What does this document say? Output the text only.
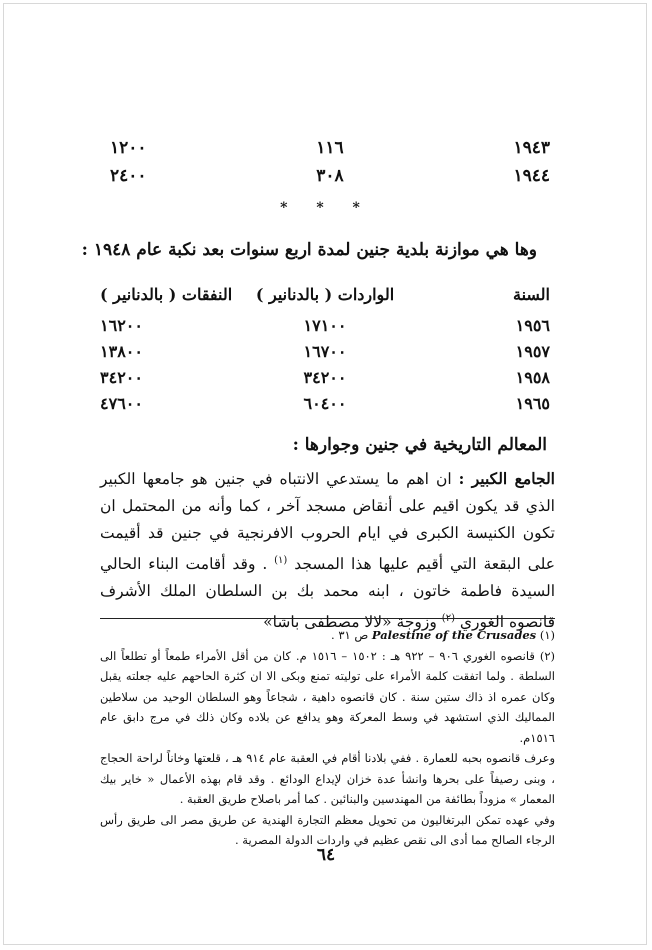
١٩٤٣
١١٦
١٢٠٠
١٩٤٤
٣٠٨
٢٤٠٠
* * *
وها هي موازنة بلدية جنين لمدة اربع سنوات بعد نكبة عام ١٩٤٨ :
السنة
الواردات ( بالدنانير )
النفقات ( بالدنانير )
١٩٥٦
١٧١٠٠
١٦٢٠٠
١٩٥٧
١٦٧٠٠
١٣٨٠٠
١٩٥٨
٣٤٢٠٠
٣٤٢٠٠
١٩٦٥
٦٠٤٠٠
٤٧٦٠٠
المعالم التاريخية في جنين وجوارها :

الجامع الكبير : ان اهم ما يستدعي الانتباه في جنين هو جامعها الكبير الذي قد يكون اقيم على أنقاض مسجد آخر ، كما وأنه من المحتمل ان تكون الكنيسة الكبرى في ايام الحروب الافرنجية في جنين قد أقيمت على البقعة التي أقيم عليها هذا المسجد $^{(١)}$ . وقد أقامت البناء الحالي السيدة فاطمة خاتون ، ابنه محمد بك بن السلطان الملك الأشرف قانصوه الغوري $^{(٢)}$ وزوجة «لالا مصطفى باشا»

(١) Palestine of the Crusades ص ٣١ .

(٢) قانصوه الغوري ٩٠٦ – ٩٢٢ هـ : ١٥٠٢ – ١٥١٦ م. كان من أقل الأمراء طمعاً أو تطلعاً الى السلطة . ولما اتفقت كلمة الأمراء على توليته تمنع وبكى الا ان كثرة الحاحهم عليه جعلته يقبل وكان عمره اذ ذاك ستين سنة . كان قانصوه داهية ، شجاعاً وهو السلطان الوحيد من سلاطين المماليك الذي استشهد في وسط المعركة وهو يدافع عن بلاده وكان ذلك في مرج دابق عام ١٥١٦م.

وعرف قانصوه بحبه للعمارة . ففي بلادنا أقام في العقبة عام ٩١٤ هـ ، قلعتها وخاناً لراحة الحجاج ، وبنى رصيفاً على بحرها وانشأ عدة خزان لإيداع الودائع . وقد قام بهذه الأعمال « خاير بيك المعمار » مزوداً بطائفة من المهندسين والبنائين . كما أمر باصلاح طريق العقبة .

وفي عهده تمكن البرتغاليون من تحويل معظم التجارة الهندية عن طريق مصر الى طريق رأس الرجاء الصالح مما أدى الى نقص عظيم في واردات الدولة المصرية .

٦٤
